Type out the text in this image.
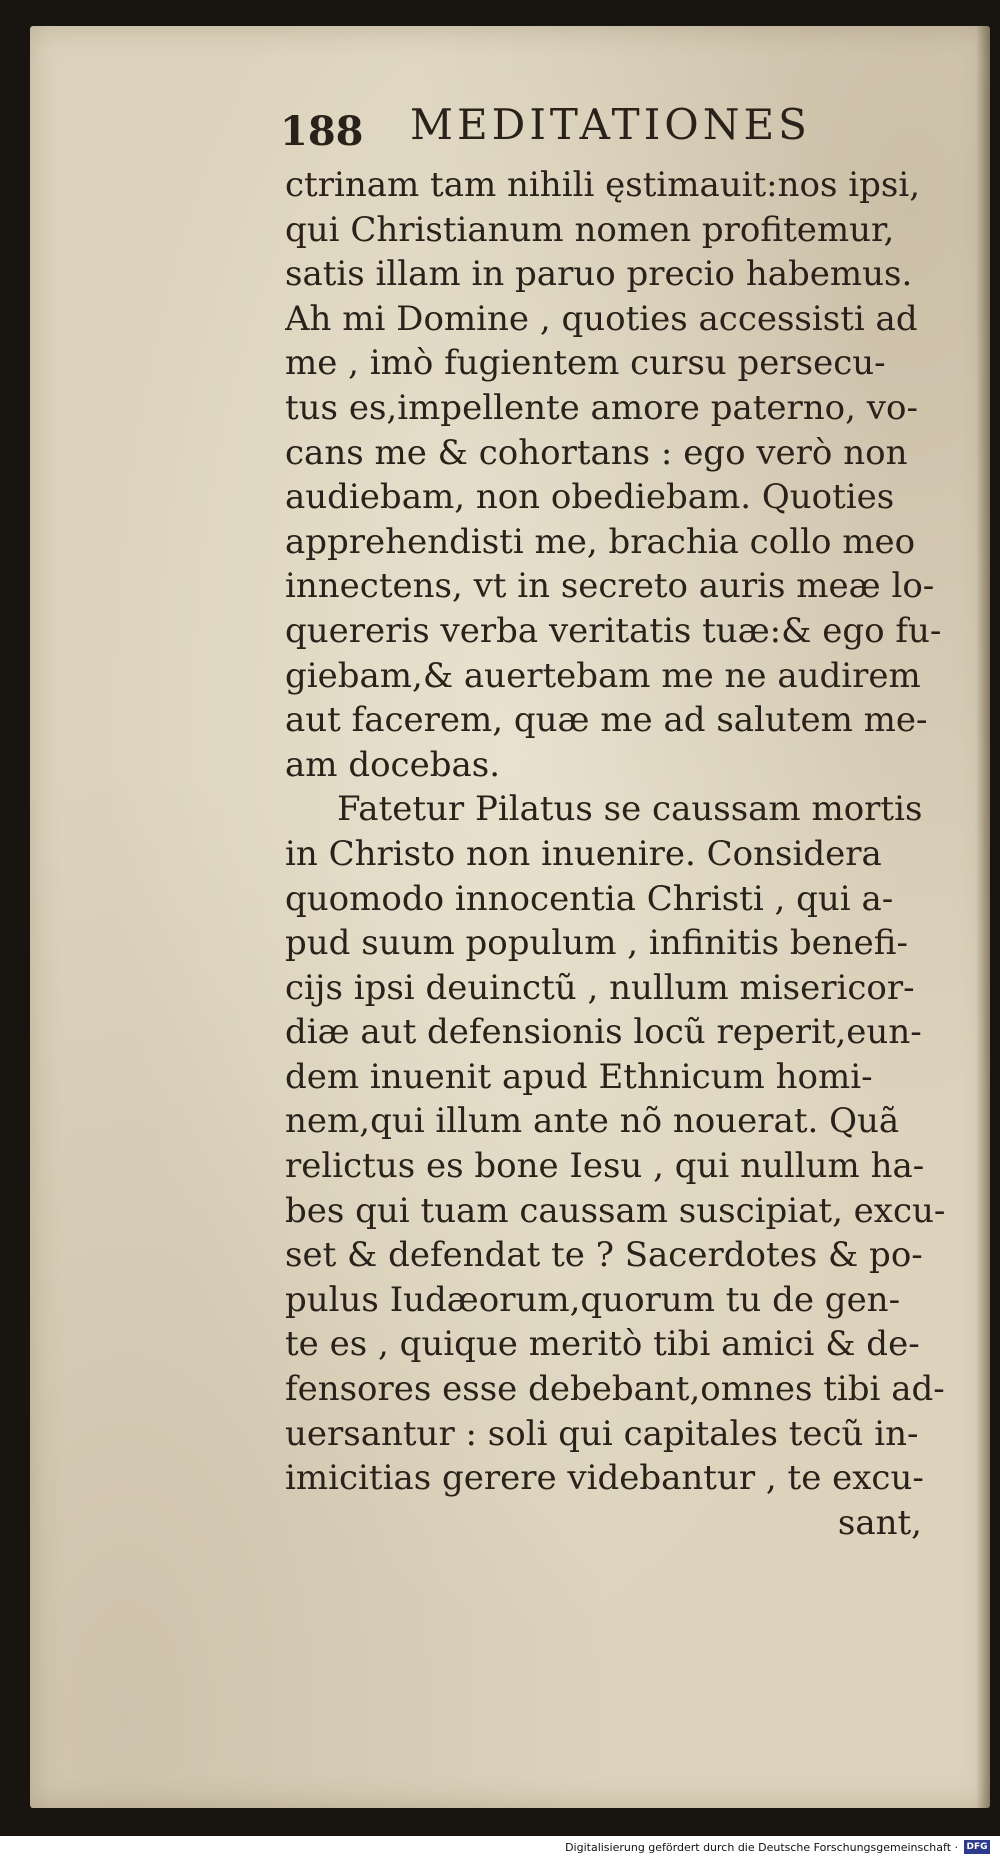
188 MEDITATIONES
ctrinam tam nihili ęstimauit:nos ipsi,
qui Christianum nomen profitemur,
satis illam in paruo precio habemus.
Ah mi Domine , quoties accessisti ad
me , imò fugientem cursu persecu-
tus es,impellente amore paterno, vo-
cans me & cohortans : ego verò non
audiebam, non obediebam. Quoties
apprehendisti me, brachia collo meo
innectens, vt in secreto auris meæ lo-
quereris verba veritatis tuæ:& ego fu-
giebam,& auertebam me ne audirem
aut facerem, quæ me ad salutem me-
am docebas.
Fatetur Pilatus se caussam mortis
in Christo non inuenire. Considera
quomodo innocentia Christi , qui a-
pud suum populum , infinitis benefi-
cijs ipsi deuinctũ , nullum misericor-
diæ aut defensionis locũ reperit,eun-
dem inuenit apud Ethnicum homi-
nem,qui illum ante nõ nouerat. Quã
relictus es bone Iesu , qui nullum ha-
bes qui tuam caussam suscipiat, excu-
set & defendat te ? Sacerdotes & po-
pulus Iudæorum,quorum tu de gen-
te es , quique meritò tibi amici & de-
fensores esse debebant,omnes tibi ad-
uersantur : soli qui capitales tecũ in-
imicitias gerere videbantur , te excu-
sant,
Digitalisierung gefördert durch die Deutsche Forschungsgemeinschaft · DFG
